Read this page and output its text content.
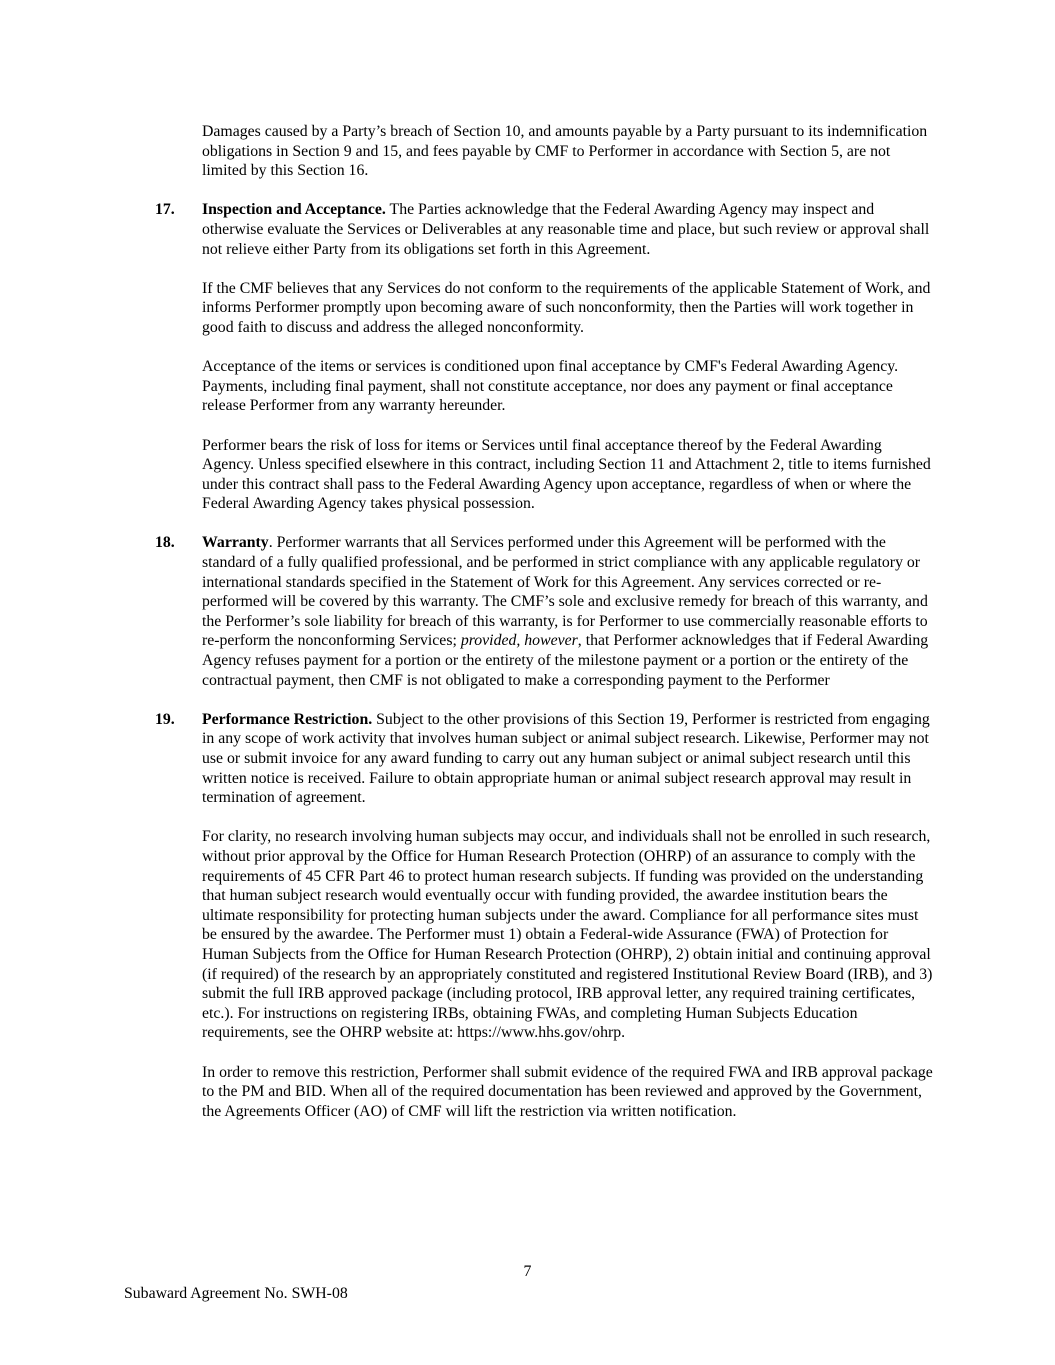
Damages caused by a Party’s breach of Section 10, and amounts payable by a Party pursuant to its indemnification obligations in Section 9 and 15, and fees payable by CMF to Performer in accordance with Section 5, are not limited by this Section 16.

17. Inspection and Acceptance. The Parties acknowledge that the Federal Awarding Agency may inspect and otherwise evaluate the Services or Deliverables at any reasonable time and place, but such review or approval shall not relieve either Party from its obligations set forth in this Agreement.

If the CMF believes that any Services do not conform to the requirements of the applicable Statement of Work, and informs Performer promptly upon becoming aware of such nonconformity, then the Parties will work together in good faith to discuss and address the alleged nonconformity.

Acceptance of the items or services is conditioned upon final acceptance by CMF's Federal Awarding Agency. Payments, including final payment, shall not constitute acceptance, nor does any payment or final acceptance release Performer from any warranty hereunder.

Performer bears the risk of loss for items or Services until final acceptance thereof by the Federal Awarding Agency. Unless specified elsewhere in this contract, including Section 11 and Attachment 2, title to items furnished under this contract shall pass to the Federal Awarding Agency upon acceptance, regardless of when or where the Federal Awarding Agency takes physical possession.

18. Warranty. Performer warrants that all Services performed under this Agreement will be performed with the standard of a fully qualified professional, and be performed in strict compliance with any applicable regulatory or international standards specified in the Statement of Work for this Agreement. Any services corrected or re-performed will be covered by this warranty. The CMF’s sole and exclusive remedy for breach of this warranty, and the Performer’s sole liability for breach of this warranty, is for Performer to use commercially reasonable efforts to re-perform the nonconforming Services; provided, however, that Performer acknowledges that if Federal Awarding Agency refuses payment for a portion or the entirety of the milestone payment or a portion or the entirety of the contractual payment, then CMF is not obligated to make a corresponding payment to the Performer

19. Performance Restriction. Subject to the other provisions of this Section 19, Performer is restricted from engaging in any scope of work activity that involves human subject or animal subject research. Likewise, Performer may not use or submit invoice for any award funding to carry out any human subject or animal subject research until this written notice is received. Failure to obtain appropriate human or animal subject research approval may result in termination of agreement.

For clarity, no research involving human subjects may occur, and individuals shall not be enrolled in such research, without prior approval by the Office for Human Research Protection (OHRP) of an assurance to comply with the requirements of 45 CFR Part 46 to protect human research subjects. If funding was provided on the understanding that human subject research would eventually occur with funding provided, the awardee institution bears the ultimate responsibility for protecting human subjects under the award. Compliance for all performance sites must be ensured by the awardee. The Performer must 1) obtain a Federal-wide Assurance (FWA) of Protection for Human Subjects from the Office for Human Research Protection (OHRP), 2) obtain initial and continuing approval (if required) of the research by an appropriately constituted and registered Institutional Review Board (IRB), and 3) submit the full IRB approved package (including protocol, IRB approval letter, any required training certificates, etc.). For instructions on registering IRBs, obtaining FWAs, and completing Human Subjects Education requirements, see the OHRP website at: https://www.hhs.gov/ohrp.

In order to remove this restriction, Performer shall submit evidence of the required FWA and IRB approval package to the PM and BID. When all of the required documentation has been reviewed and approved by the Government, the Agreements Officer (AO) of CMF will lift the restriction via written notification.

7
Subaward Agreement No. SWH-08
